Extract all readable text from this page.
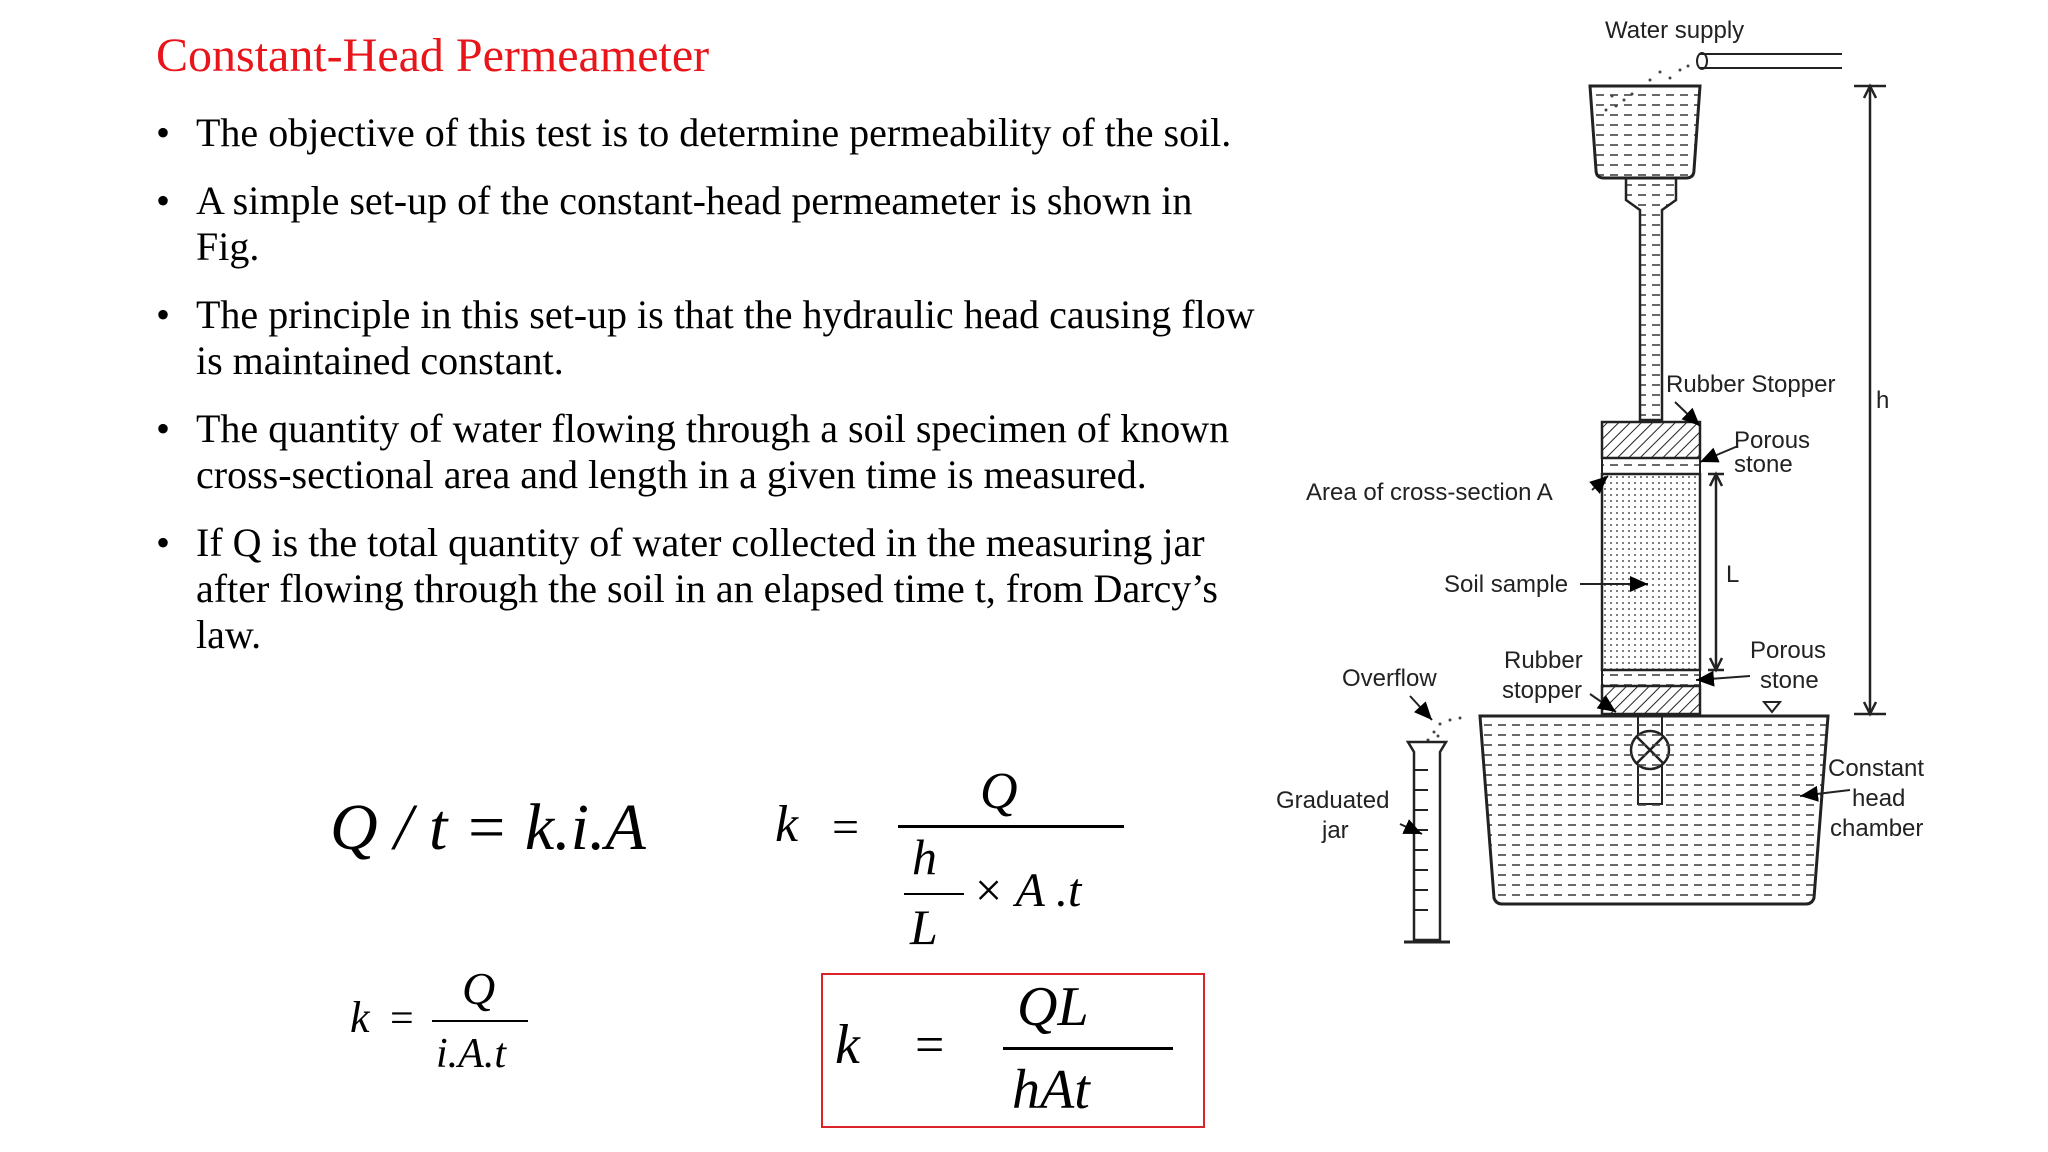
Constant-Head Permeameter
• The objective of this test is to determine permeability of the soil.
• A simple set-up of the constant-head permeameter is shown in Fig.
• The principle in this set-up is that the hydraulic head causing flow is maintained constant.
• The quantity of water flowing through a soil specimen of known cross-sectional area and length in a given time is measured.
• If Q is the total quantity of water collected in the measuring jar after flowing through the soil in an elapsed time t, from Darcy’s law.
Q / t = k.i.A k =
Q
h
L
× A .t
k =
Q
i.A.t	k =
QL
hAt
Water supply
Rubber Stopper
h
Porous
stone
Area of cross-section A
Soil sample	L
Rubber
stopper
Porous
stone
Overflow
Graduated
jar
Constant
head
chamber
